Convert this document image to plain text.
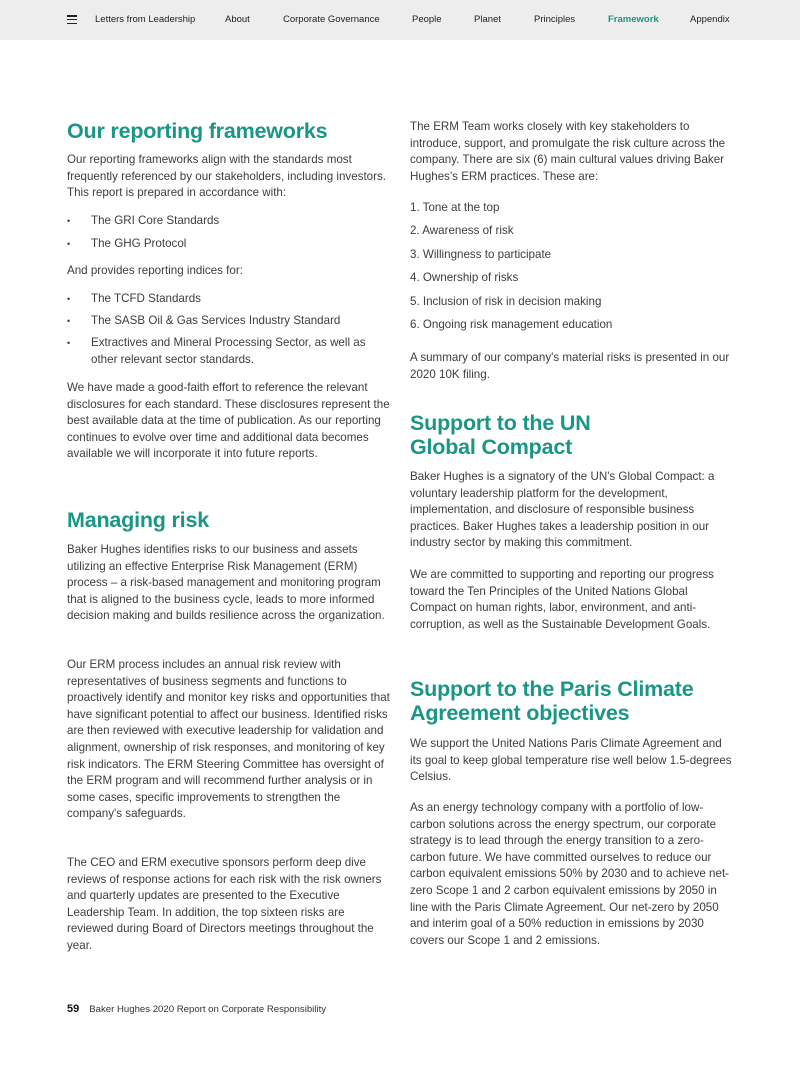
Letters from Leadership	About	Corporate Governance	People	Planet	Principles	Framework	Appendix
Our reporting frameworks

Our reporting frameworks align with the standards most frequently referenced by our stakeholders, including investors. This report is prepared in accordance with:

• The GRI Core Standards
• The GHG Protocol

And provides reporting indices for:

• The TCFD Standards
• The SASB Oil & Gas Services Industry Standard
• Extractives and Mineral Processing Sector, as well as other relevant sector standards.

We have made a good-faith effort to reference the relevant disclosures for each standard. These disclosures represent the best available data at the time of publication. As our reporting continues to evolve over time and additional data becomes available we will incorporate it into future reports.

Managing risk

Baker Hughes identifies risks to our business and assets utilizing an effective Enterprise Risk Management (ERM) process – a risk-based management and monitoring program that is aligned to the business cycle, leads to more informed decision making and builds resilience across the organization.

Our ERM process includes an annual risk review with representatives of business segments and functions to proactively identify and monitor key risks and opportunities that have significant potential to affect our business. Identified risks are then reviewed with executive leadership for validation and alignment, ownership of risk responses, and monitoring of key risk indicators. The ERM Steering Committee has oversight of the ERM program and will recommend further analysis or in some cases, specific improvements to strengthen the company's safeguards.

The CEO and ERM executive sponsors perform deep dive reviews of response actions for each risk with the risk owners and quarterly updates are presented to the Executive Leadership Team. In addition, the top sixteen risks are reviewed during Board of Directors meetings throughout the year.

The ERM Team works closely with key stakeholders to introduce, support, and promulgate the risk culture across the company. There are six (6) main cultural values driving Baker Hughes's ERM practices. These are:

1. Tone at the top
2. Awareness of risk
3. Willingness to participate
4. Ownership of risks
5. Inclusion of risk in decision making
6. Ongoing risk management education

A summary of our company's material risks is presented in our 2020 10K filing.

Support to the UN
Global Compact

Baker Hughes is a signatory of the UN's Global Compact: a voluntary leadership platform for the development, implementation, and disclosure of responsible business practices. Baker Hughes takes a leadership position in our industry sector by making this commitment.

We are committed to supporting and reporting our progress toward the Ten Principles of the United Nations Global Compact on human rights, labor, environment, and anti-corruption, as well as the Sustainable Development Goals.

Support to the Paris Climate
Agreement objectives

We support the United Nations Paris Climate Agreement and its goal to keep global temperature rise well below 1.5-degrees Celsius.

As an energy technology company with a portfolio of low-carbon solutions across the energy spectrum, our corporate strategy is to lead through the energy transition to a zero-carbon future. We have committed ourselves to reduce our carbon equivalent emissions 50% by 2030 and to achieve net-zero Scope 1 and 2 carbon equivalent emissions by 2050 in line with the Paris Climate Agreement. Our net-zero by 2050 and interim goal of a 50% reduction in emissions by 2030 covers our Scope 1 and 2 emissions.

59 Baker Hughes 2020 Report on Corporate Responsibility
